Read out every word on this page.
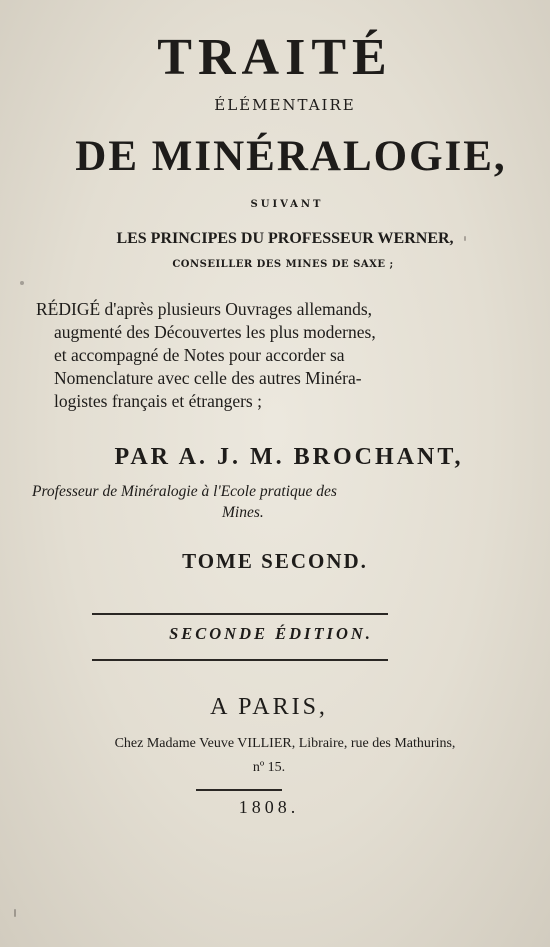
TRAITÉ
ÉLÉMENTAIRE
DE MINÉRALOGIE,
SUIVANT
LES PRINCIPES DU PROFESSEUR WERNER,
CONSEILLER DES MINES DE SAXE ;
RÉDIGÉ d'après plusieurs Ouvrages allemands,
augmenté des Découvertes les plus modernes,
et accompagné de Notes pour accorder sa
Nomenclature avec celle des autres Minéra-
logistes français et étrangers ;
PAR A. J. M. BROCHANT,
Professeur de Minéralogie à l'Ecole pratique des
Mines.
TOME SECOND.
SECONDE ÉDITION.
A PARIS,
Chez Madame Veuve VILLIER, Libraire, rue des Mathurins,
nº 15.
1808.
